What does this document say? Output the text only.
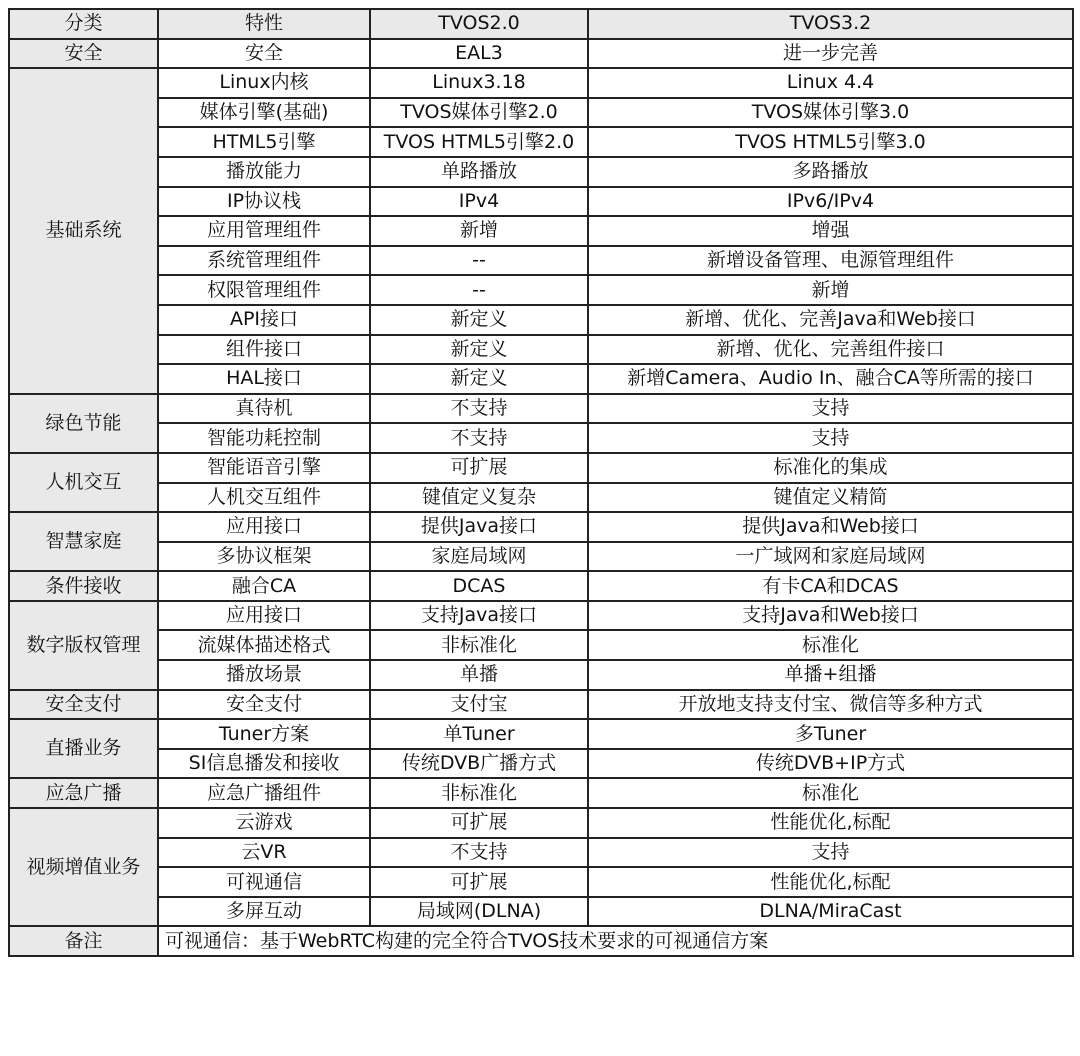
分类	特性	TVOS2.0	TVOS3.2
安全	安全	EAL3	进一步完善
基础系统	Linux内核	Linux3.18	Linux 4.4
	媒体引擎(基础)	TVOS媒体引擎2.0	TVOS媒体引擎3.0
	HTML5引擎	TVOS HTML5引擎2.0	TVOS HTML5引擎3.0
	播放能力	单路播放	多路播放
	IP协议栈	IPv4	IPv6/IPv4
	应用管理组件	新增	增强
	系统管理组件	--	新增设备管理、电源管理组件
	权限管理组件	--	新增
	API接口	新定义	新增、优化、完善Java和Web接口
	组件接口	新定义	新增、优化、完善组件接口
	HAL接口	新定义	新增Camera、Audio In、融合CA等所需的接口
绿色节能	真待机	不支持	支持
	智能功耗控制	不支持	支持
人机交互	智能语音引擎	可扩展	标准化的集成
	人机交互组件	键值定义复杂	键值定义精简
智慧家庭	应用接口	提供Java接口	提供Java和Web接口
	多协议框架	家庭局域网	一广域网和家庭局域网
条件接收	融合CA	DCAS	有卡CA和DCAS
数字版权管理	应用接口	支持Java接口	支持Java和Web接口
	流媒体描述格式	非标准化	标准化
	播放场景	单播	单播+组播
安全支付	安全支付	支付宝	开放地支持支付宝、微信等多种方式
直播业务	Tuner方案	单Tuner	多Tuner
	SI信息播发和接收	传统DVB广播方式	传统DVB+IP方式
应急广播	应急广播组件	非标准化	标准化
视频增值业务	云游戏	可扩展	性能优化,标配
	云VR	不支持	支持
	可视通信	可扩展	性能优化,标配
	多屏互动	局域网(DLNA)	DLNA/MiraCast
备注	可视通信：基于WebRTC构建的完全符合TVOS技术要求的可视通信方案		
